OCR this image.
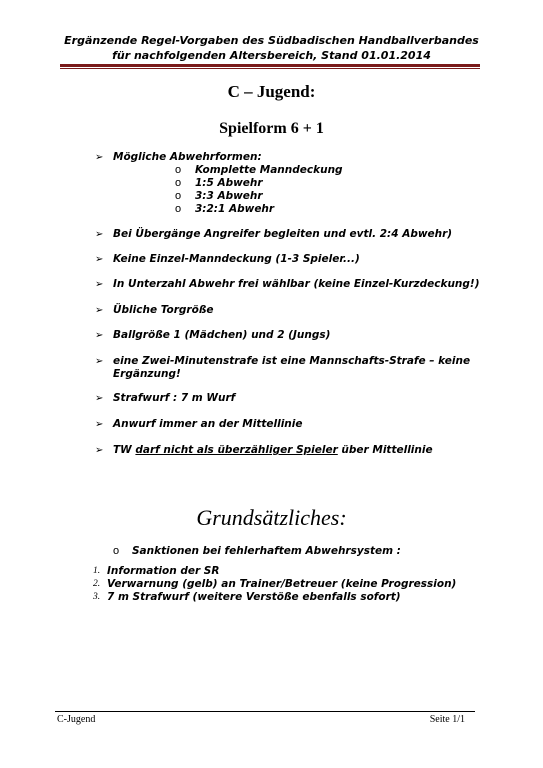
Ergänzende Regel-Vorgaben des Südbadischen Handballverbandes
für nachfolgenden Altersbereich, Stand 01.01.2014
C – Jugend:
Spielform 6 + 1
➢ Mögliche Abwehrformen:
o Komplette Manndeckung
o 1:5 Abwehr
o 3:3 Abwehr
o 3:2:1 Abwehr
➢ Bei Übergänge Angreifer begleiten und evtl. 2:4 Abwehr)
➢ Keine Einzel-Manndeckung (1-3 Spieler...)
➢ In Unterzahl Abwehr frei wählbar (keine Einzel-Kurzdeckung!)
➢ Übliche Torgröße
➢ Ballgröße 1 (Mädchen) und 2 (Jungs)
➢ eine Zwei-Minutenstrafe ist eine Mannschafts-Strafe – keine
Ergänzung!
➢ Strafwurf : 7 m Wurf
➢ Anwurf immer an der Mittellinie
➢ TW darf nicht als überzähliger Spieler über Mittellinie
Grundsätzliches:
o Sanktionen bei fehlerhaftem Abwehrsystem :
1. Information der SR
2. Verwarnung (gelb) an Trainer/Betreuer (keine Progression)
3. 7 m Strafwurf (weitere Verstöße ebenfalls sofort)
C-Jugend	Seite 1/1
